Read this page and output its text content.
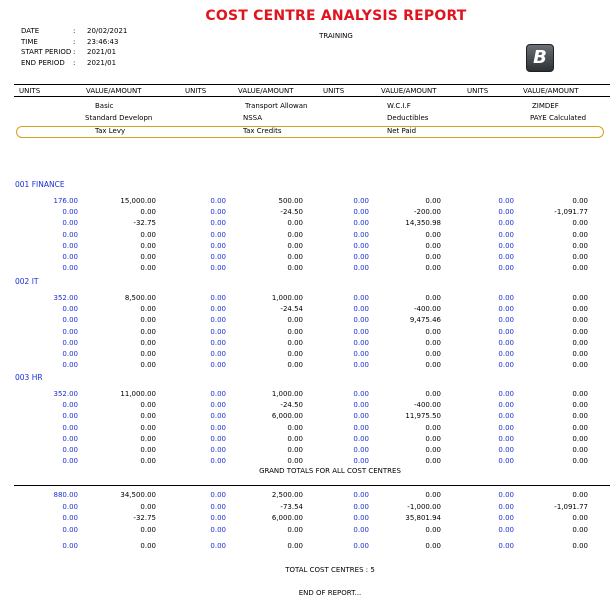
COST CENTRE ANALYSIS REPORT
TRAINING
DATE	:	20/02/2021
TIME	:	23:46:43
START PERIOD :	2021/01
END PERIOD	:	2021/01	B
UNITS	VALUE/AMOUNT	UNITS	VALUE/AMOUNT	UNITS	VALUE/AMOUNT	UNITS	VALUE/AMOUNT
Basic	Transport Allowan	W.C.I.F	ZIMDEF
Standard Developn	NSSA	Deductibles	PAYE Calculated
Tax Levy	Tax Credits	Net Paid
001 FINANCE
176.00	15,000.00	0.00	500.00	0.00	0.00	0.00	0.00
0.00	0.00	0.00	-24.50	0.00	-200.00	0.00	-1,091.77
0.00	-32.75	0.00	0.00	0.00	14,350.98	0.00	0.00
0.00	0.00	0.00	0.00	0.00	0.00	0.00	0.00
0.00	0.00	0.00	0.00	0.00	0.00	0.00	0.00
0.00	0.00	0.00	0.00	0.00	0.00	0.00	0.00
0.00	0.00	0.00	0.00	0.00	0.00	0.00	0.00
002 IT
352.00	8,500.00	0.00	1,000.00	0.00	0.00	0.00	0.00
0.00	0.00	0.00	-24.54	0.00	-400.00	0.00	0.00
0.00	0.00	0.00	0.00	0.00	9,475.46	0.00	0.00
0.00	0.00	0.00	0.00	0.00	0.00	0.00	0.00
0.00	0.00	0.00	0.00	0.00	0.00	0.00	0.00
0.00	0.00	0.00	0.00	0.00	0.00	0.00	0.00
0.00	0.00	0.00	0.00	0.00	0.00	0.00	0.00
003 HR
352.00	11,000.00	0.00	1,000.00	0.00	0.00	0.00	0.00
0.00	0.00	0.00	-24.50	0.00	-400.00	0.00	0.00
0.00	0.00	0.00	6,000.00	0.00	11,975.50	0.00	0.00
0.00	0.00	0.00	0.00	0.00	0.00	0.00	0.00
0.00	0.00	0.00	0.00	0.00	0.00	0.00	0.00
0.00	0.00	0.00	0.00	0.00	0.00	0.00	0.00
0.00	0.00	0.00	0.00	0.00	0.00	0.00	0.00
GRAND TOTALS FOR ALL COST CENTRES
880.00	34,500.00	0.00	2,500.00	0.00	0.00	0.00	0.00
0.00	0.00	0.00	-73.54	0.00	-1,000.00	0.00	-1,091.77
0.00	-32.75	0.00	6,000.00	0.00	35,801.94	0.00	0.00
0.00	0.00	0.00	0.00	0.00	0.00	0.00	0.00
0.00	0.00	0.00	0.00	0.00	0.00	0.00	0.00
TOTAL COST CENTRES : 5
END OF REPORT...
